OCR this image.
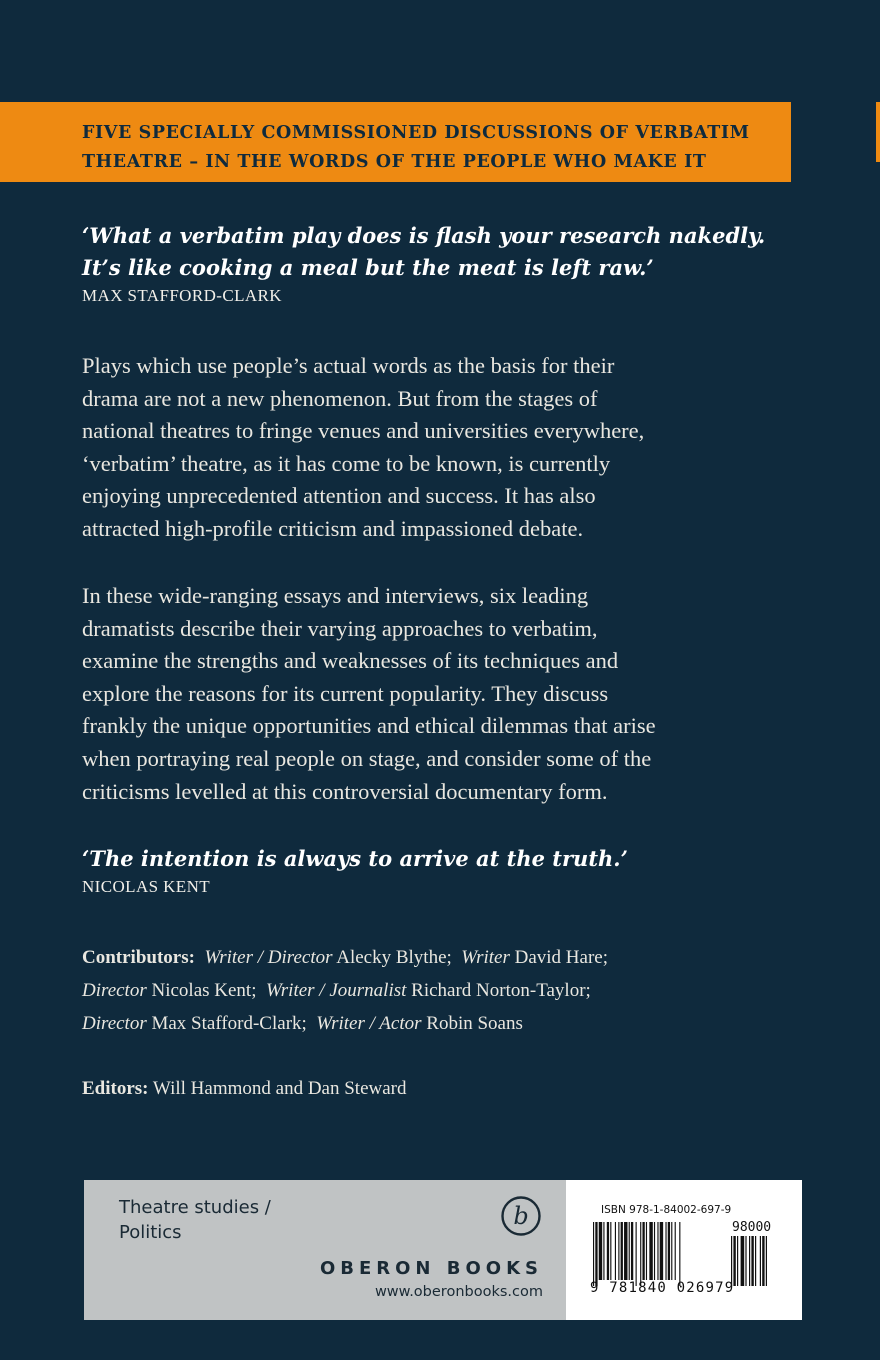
FIVE SPECIALLY COMMISSIONED DISCUSSIONS OF VERBATIM

THEATRE – IN THE WORDS OF THE PEOPLE WHO MAKE IT

‘What a verbatim play does is flash your research nakedly.

It’s like cooking a meal but the meat is left raw.’

MAX STAFFORD-CLARK

Plays which use people’s actual words as the basis for their

drama are not a new phenomenon. But from the stages of

national theatres to fringe venues and universities everywhere,

‘verbatim’ theatre, as it has come to be known, is currently

enjoying unprecedented attention and success. It has also

attracted high-profile criticism and impassioned debate.

In these wide-ranging essays and interviews, six leading

dramatists describe their varying approaches to verbatim,

examine the strengths and weaknesses of its techniques and

explore the reasons for its current popularity. They discuss

frankly the unique opportunities and ethical dilemmas that arise

when portraying real people on stage, and consider some of the

criticisms levelled at this controversial documentary form.

‘The intention is always to arrive at the truth.’

NICOLAS KENT

Contributors: Writer / Director Alecky Blythe; Writer David Hare;

Director Nicolas Kent; Writer / Journalist Richard Norton-Taylor;

Director Max Stafford-Clark; Writer / Actor Robin Soans

Editors: Will Hammond and Dan Steward

Theatre studies /
Politics
b
OBERON BOOKS
www.oberonbooks.com
ISBN 978-1-84002-697-9
98000
9 781840 026979
